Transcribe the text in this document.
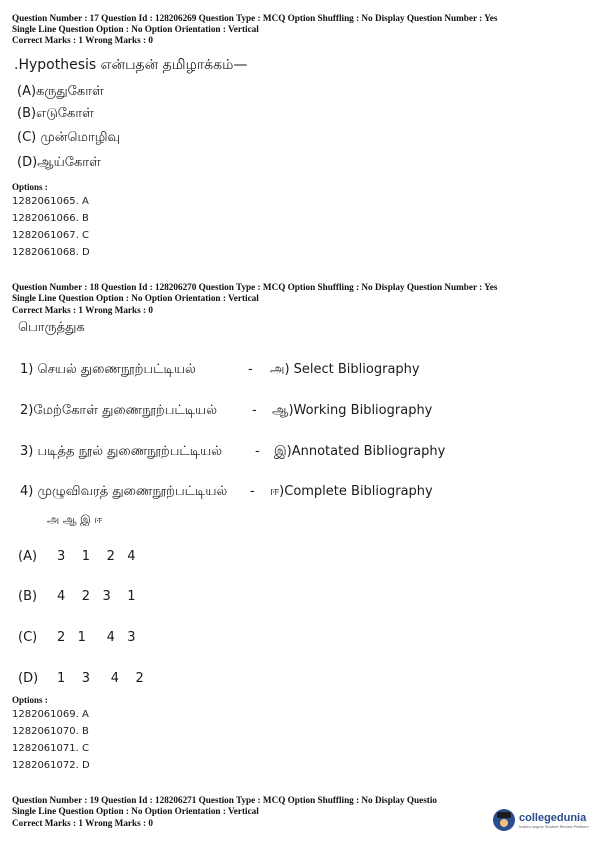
Question Number : 17 Question Id : 128206269 Question Type : MCQ Option Shuffling : No Display Question Number : Yes
Single Line Question Option : No Option Orientation : Vertical
Correct Marks : 1 Wrong Marks : 0
.Hypothesis என்பதன் தமிழாக்கம்—
(A)கருதுகோள்
(B)எடுகோள்
(C) முன்மொழிவு
(D)ஆய்கோள்
Options :
1282061065. A
1282061066. B
1282061067. C
1282061068. D
Question Number : 18 Question Id : 128206270 Question Type : MCQ Option Shuffling : No Display Question Number : Yes
Single Line Question Option : No Option Orientation : Vertical
Correct Marks : 1 Wrong Marks : 0
பொருத்துக
1) செயல் துணைநூற்பட்டியல்	- அ) Select Bibliography
2)மேற்கோள் துணைநூற்பட்டியல்	- ஆ)Working Bibliography
3) படித்த நூல் துணைநூற்பட்டியல்	- இ)Annotated Bibliography
4) முழுவிவரத் துணைநூற்பட்டியல் - ஈ)Complete Bibliography
அ ஆ இ ஈ
(A) 3    1    2   4
(B) 4    2   3    1
(C) 2   1     4   3
(D) 1    3     4    2
Options :
1282061069. A
1282061070. B
1282061071. C
1282061072. D
Question Number : 19 Question Id : 128206271 Question Type : MCQ Option Shuffling : No Display Questio
Single Line Question Option : No Option Orientation : Vertical
Correct Marks : 1 Wrong Marks : 0	collegedunia
India's largest Student Review Platform
